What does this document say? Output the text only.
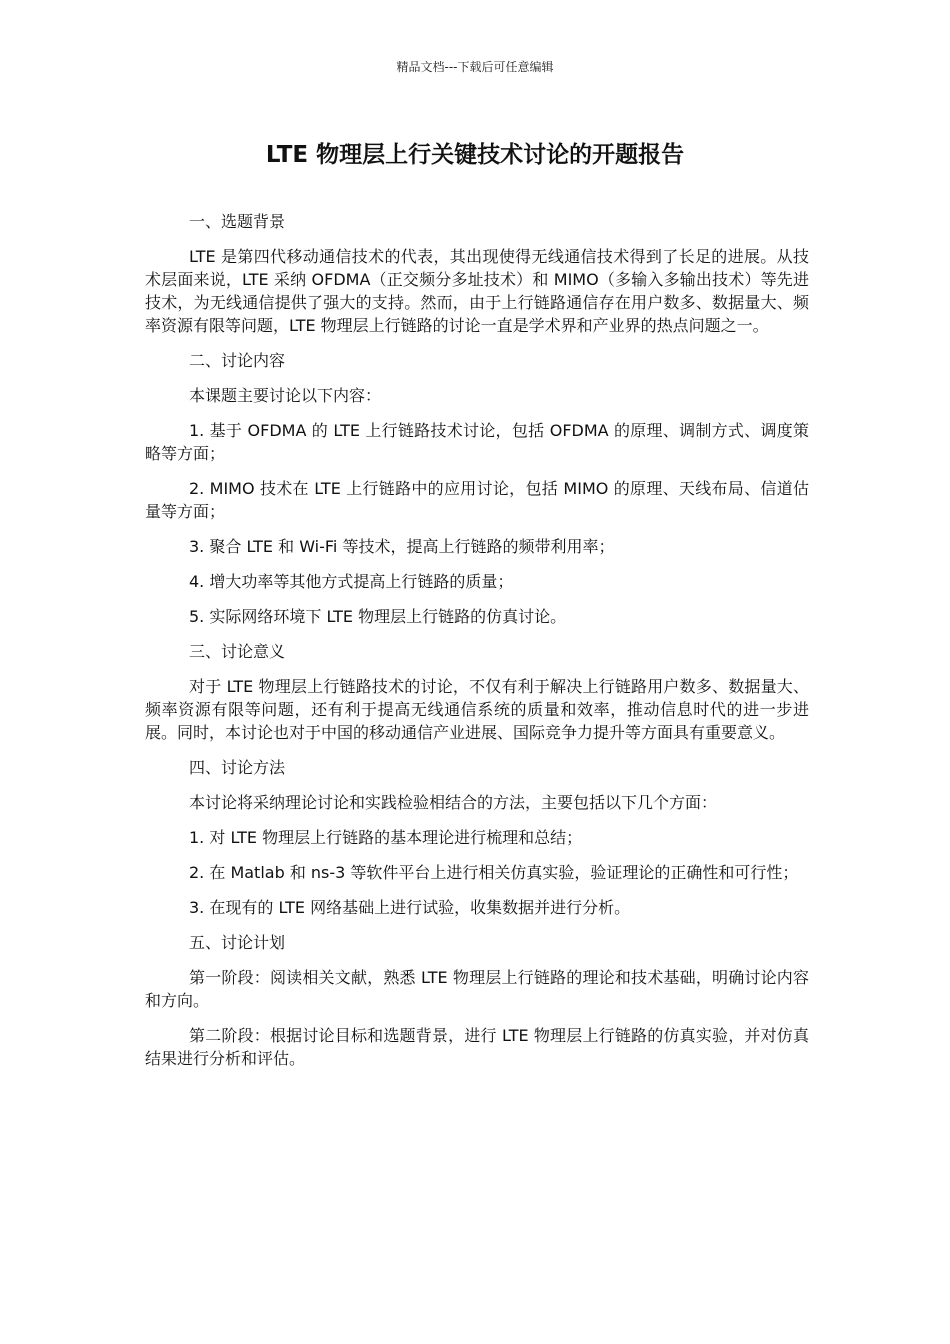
精品文档---下载后可任意编辑
LTE 物理层上行关键技术讨论的开题报告

一、选题背景

LTE 是第四代移动通信技术的代表，其出现使得无线通信技术得到了长足的进展。从技术层面来说，LTE 采纳 OFDMA（正交频分多址技术）和 MIMO（多输入多输出技术）等先进技术，为无线通信提供了强大的支持。然而，由于上行链路通信存在用户数多、数据量大、频率资源有限等问题，LTE 物理层上行链路的讨论一直是学术界和产业界的热点问题之一。

二、讨论内容

本课题主要讨论以下内容：

1. 基于 OFDMA 的 LTE 上行链路技术讨论，包括 OFDMA 的原理、调制方式、调度策略等方面；

2. MIMO 技术在 LTE 上行链路中的应用讨论，包括 MIMO 的原理、天线布局、信道估量等方面；

3. 聚合 LTE 和 Wi-Fi 等技术，提高上行链路的频带利用率；

4. 增大功率等其他方式提高上行链路的质量；

5. 实际网络环境下 LTE 物理层上行链路的仿真讨论。

三、讨论意义

对于 LTE 物理层上行链路技术的讨论，不仅有利于解决上行链路用户数多、数据量大、频率资源有限等问题，还有利于提高无线通信系统的质量和效率，推动信息时代的进一步进展。同时，本讨论也对于中国的移动通信产业进展、国际竞争力提升等方面具有重要意义。

四、讨论方法

本讨论将采纳理论讨论和实践检验相结合的方法，主要包括以下几个方面：

1. 对 LTE 物理层上行链路的基本理论进行梳理和总结；

2. 在 Matlab 和 ns-3 等软件平台上进行相关仿真实验，验证理论的正确性和可行性；

3. 在现有的 LTE 网络基础上进行试验，收集数据并进行分析。

五、讨论计划

第一阶段：阅读相关文献，熟悉 LTE 物理层上行链路的理论和技术基础，明确讨论内容和方向。

第二阶段：根据讨论目标和选题背景，进行 LTE 物理层上行链路的仿真实验，并对仿真结果进行分析和评估。
